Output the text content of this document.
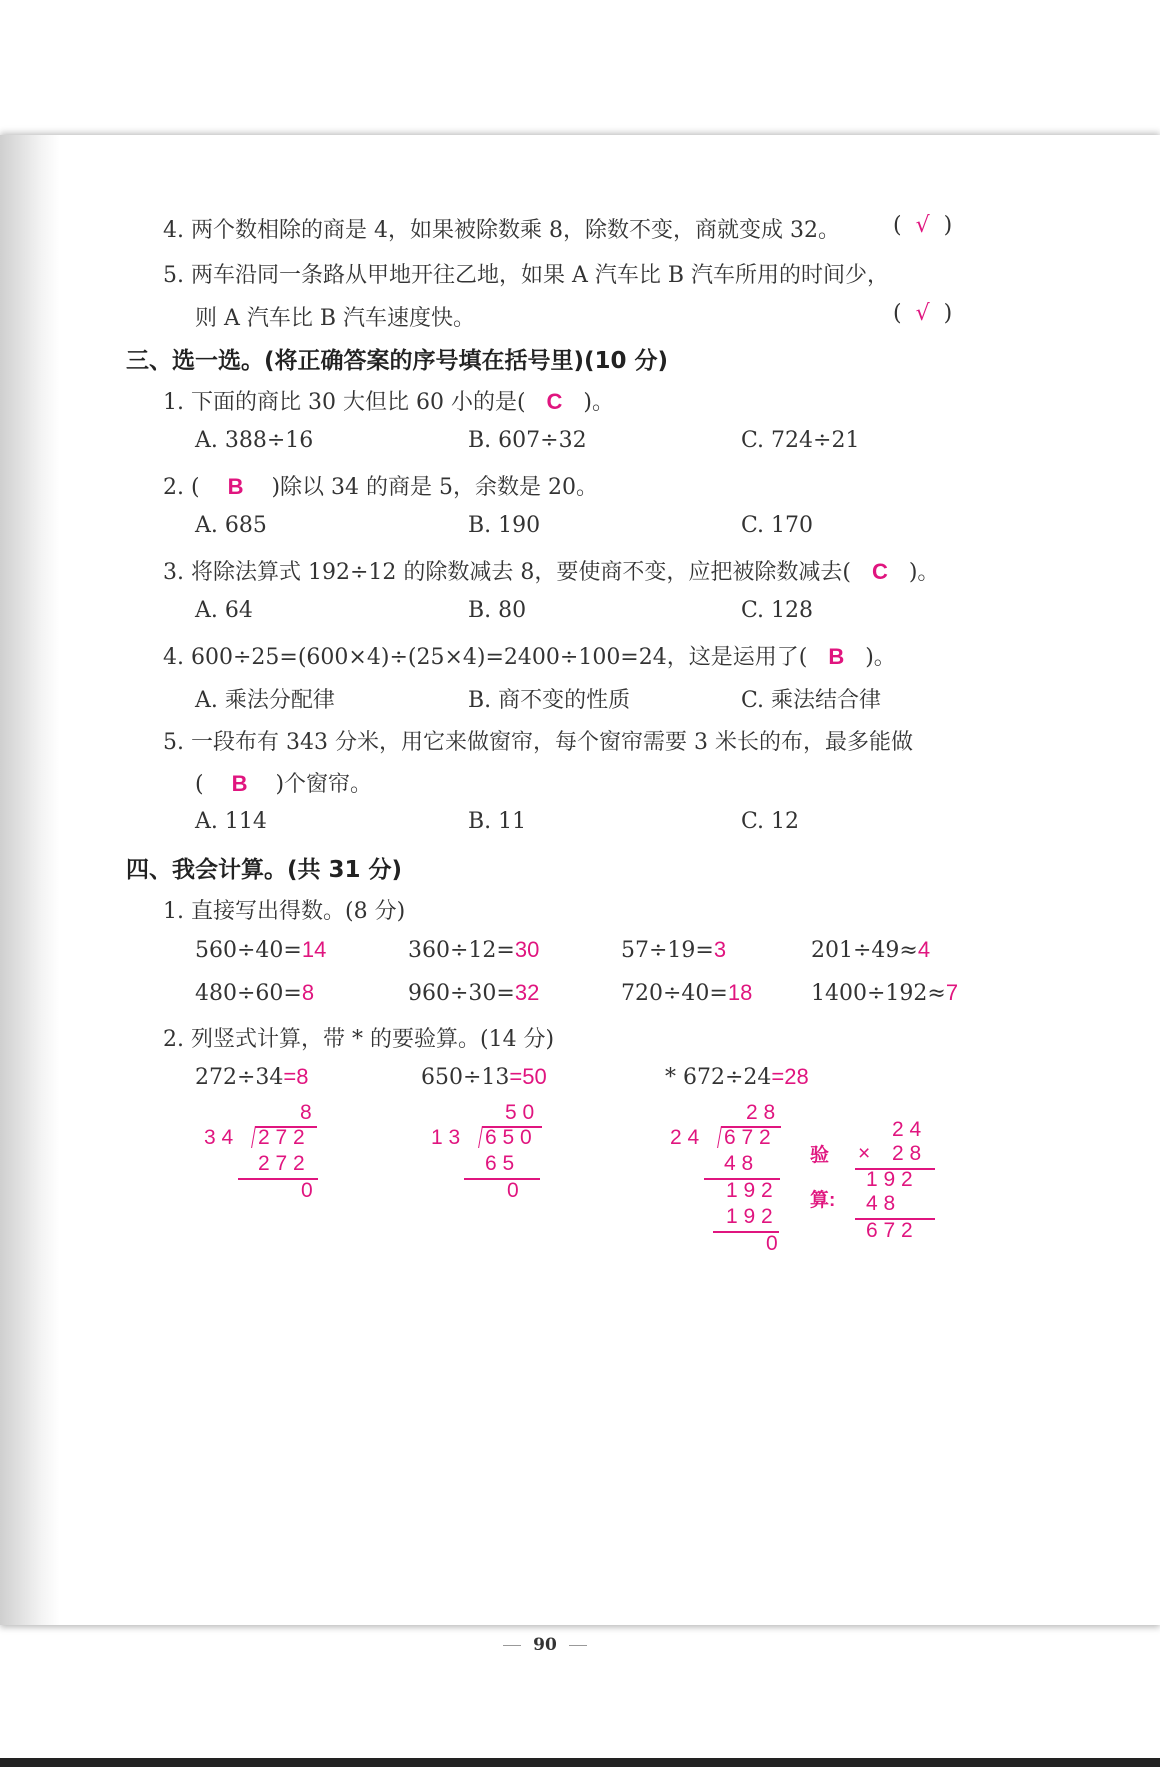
4. 两个数相除的商是 4，如果被除数乘 8，除数不变，商就变成 32。 (  √  )
5. 两车沿同一条路从甲地开往乙地，如果 A 汽车比 B 汽车所用的时间少，
则 A 汽车比 B 汽车速度快。	(  √  )
三、选一选。(将正确答案的序号填在括号里)(10 分)
1. 下面的商比 30 大但比 60 小的是( C )。
A. 388÷16	B. 607÷32	C. 724÷21
2. ( B )除以 34 的商是 5，余数是 20。
A. 685	B. 190	C. 170
3. 将除法算式 192÷12 的除数减去 8，要使商不变，应把被除数减去( C )。
A. 64	B. 80	C. 128
4. 600÷25=(600×4)÷(25×4)=2400÷100=24，这是运用了( B )。
A. 乘法分配律	B. 商不变的性质	C. 乘法结合律
5. 一段布有 343 分米，用它来做窗帘，每个窗帘需要 3 米长的布，最多能做
( B )个窗帘。
A. 114	B. 11	C. 12
四、我会计算。(共 31 分)
1. 直接写出得数。(8 分)
560÷40=14	360÷12=30	57÷19=3	201÷49≈4
480÷60=8	960÷30=32	720÷40=18	1400÷192≈7
2. 列竖式计算，带 * 的要验算。(14 分)
272÷34=8	650÷13=50	* 672÷24=28
8
3 4 2 7 2
2 7 2
0
5 0
1 3 6 5 0
6 5
0
2 8
2 4 6 7 2
4 8
1 9 2
1 9 2
0
验
算:
2 4
× 2 8
1 9 2
4 8
6 7 2
90
